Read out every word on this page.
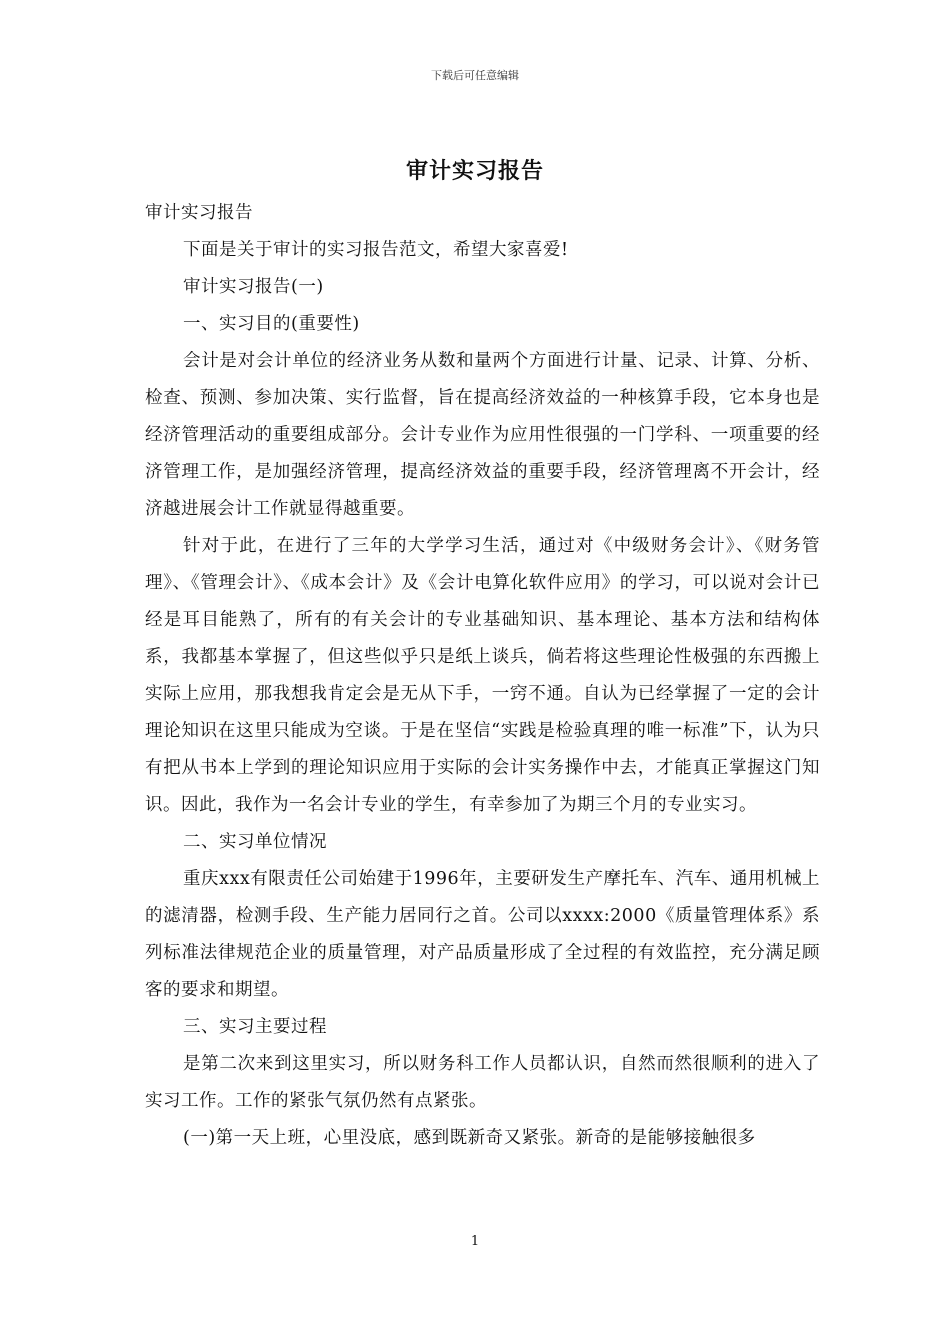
下载后可任意编辑
审计实习报告

审计实习报告

下面是关于审计的实习报告范文，希望大家喜爱!

审计实习报告(一)

一、实习目的(重要性)

会计是对会计单位的经济业务从数和量两个方面进行计量、记录、计算、分析、检查、预测、参加决策、实行监督，旨在提高经济效益的一种核算手段，它本身也是经济管理活动的重要组成部分。会计专业作为应用性很强的一门学科、一项重要的经济管理工作，是加强经济管理，提高经济效益的重要手段，经济管理离不开会计，经济越进展会计工作就显得越重要。

针对于此，在进行了三年的大学学习生活，通过对《中级财务会计》、《财务管理》、《管理会计》、《成本会计》及《会计电算化软件应用》的学习，可以说对会计已经是耳目能熟了，所有的有关会计的专业基础知识、基本理论、基本方法和结构体系，我都基本掌握了，但这些似乎只是纸上谈兵，倘若将这些理论性极强的东西搬上实际上应用，那我想我肯定会是无从下手，一窍不通。自认为已经掌握了一定的会计理论知识在这里只能成为空谈。于是在坚信“实践是检验真理的唯一标准”下，认为只有把从书本上学到的理论知识应用于实际的会计实务操作中去，才能真正掌握这门知识。因此，我作为一名会计专业的学生，有幸参加了为期三个月的专业实习。

二、实习单位情况

重庆xxx有限责任公司始建于1996年，主要研发生产摩托车、汽车、通用机械上的滤清器，检测手段、生产能力居同行之首。公司以xxxx:2000《质量管理体系》系列标准法律规范企业的质量管理，对产品质量形成了全过程的有效监控，充分满足顾客的要求和期望。

三、实习主要过程

是第二次来到这里实习，所以财务科工作人员都认识，自然而然很顺利的进入了实习工作。工作的紧张气氛仍然有点紧张。

(一)第一天上班，心里没底，感到既新奇又紧张。新奇的是能够接触很多

1
